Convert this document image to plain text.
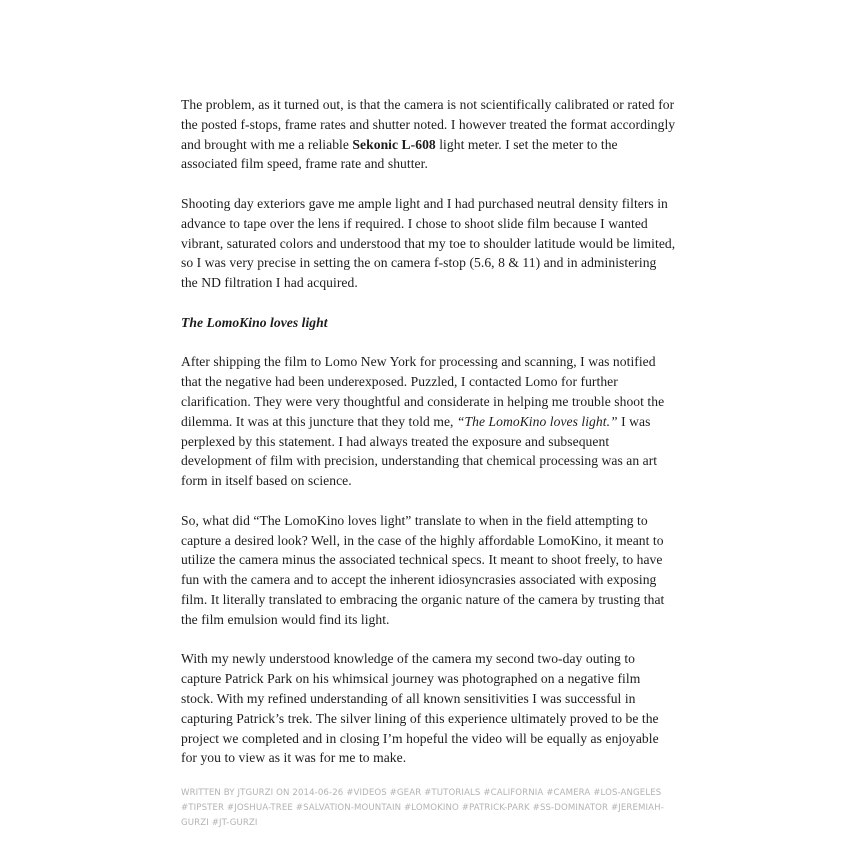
The problem, as it turned out, is that the camera is not scientifically calibrated or rated for the posted f-stops, frame rates and shutter noted. I however treated the format accordingly and brought with me a reliable Sekonic L-608 light meter. I set the meter to the associated film speed, frame rate and shutter.

Shooting day exteriors gave me ample light and I had purchased neutral density filters in advance to tape over the lens if required. I chose to shoot slide film because I wanted vibrant, saturated colors and understood that my toe to shoulder latitude would be limited, so I was very precise in setting the on camera f-stop (5.6, 8 & 11) and in administering the ND filtration I had acquired.

The LomoKino loves light

After shipping the film to Lomo New York for processing and scanning, I was notified that the negative had been underexposed. Puzzled, I contacted Lomo for further clarification. They were very thoughtful and considerate in helping me trouble shoot the dilemma. It was at this juncture that they told me, “The LomoKino loves light.” I was perplexed by this statement. I had always treated the exposure and subsequent development of film with precision, understanding that chemical processing was an art form in itself based on science.

So, what did “The LomoKino loves light” translate to when in the field attempting to capture a desired look? Well, in the case of the highly affordable LomoKino, it meant to utilize the camera minus the associated technical specs. It meant to shoot freely, to have fun with the camera and to accept the inherent idiosyncrasies associated with exposing film. It literally translated to embracing the organic nature of the camera by trusting that the film emulsion would find its light.

With my newly understood knowledge of the camera my second two-day outing to capture Patrick Park on his whimsical journey was photographed on a negative film stock. With my refined understanding of all known sensitivities I was successful in capturing Patrick’s trek. The silver lining of this experience ultimately proved to be the project we completed and in closing I’m hopeful the video will be equally as enjoyable for you to view as it was for me to make.

WRITTEN BY JTGURZI ON 2014-06-26 #VIDEOS #GEAR #TUTORIALS #CALIFORNIA #CAMERA #LOS-ANGELES #TIPSTER #JOSHUA-TREE #SALVATION-MOUNTAIN #LOMOKINO #PATRICK-PARK #SS-DOMINATOR #JEREMIAH-GURZI #JT-GURZI
